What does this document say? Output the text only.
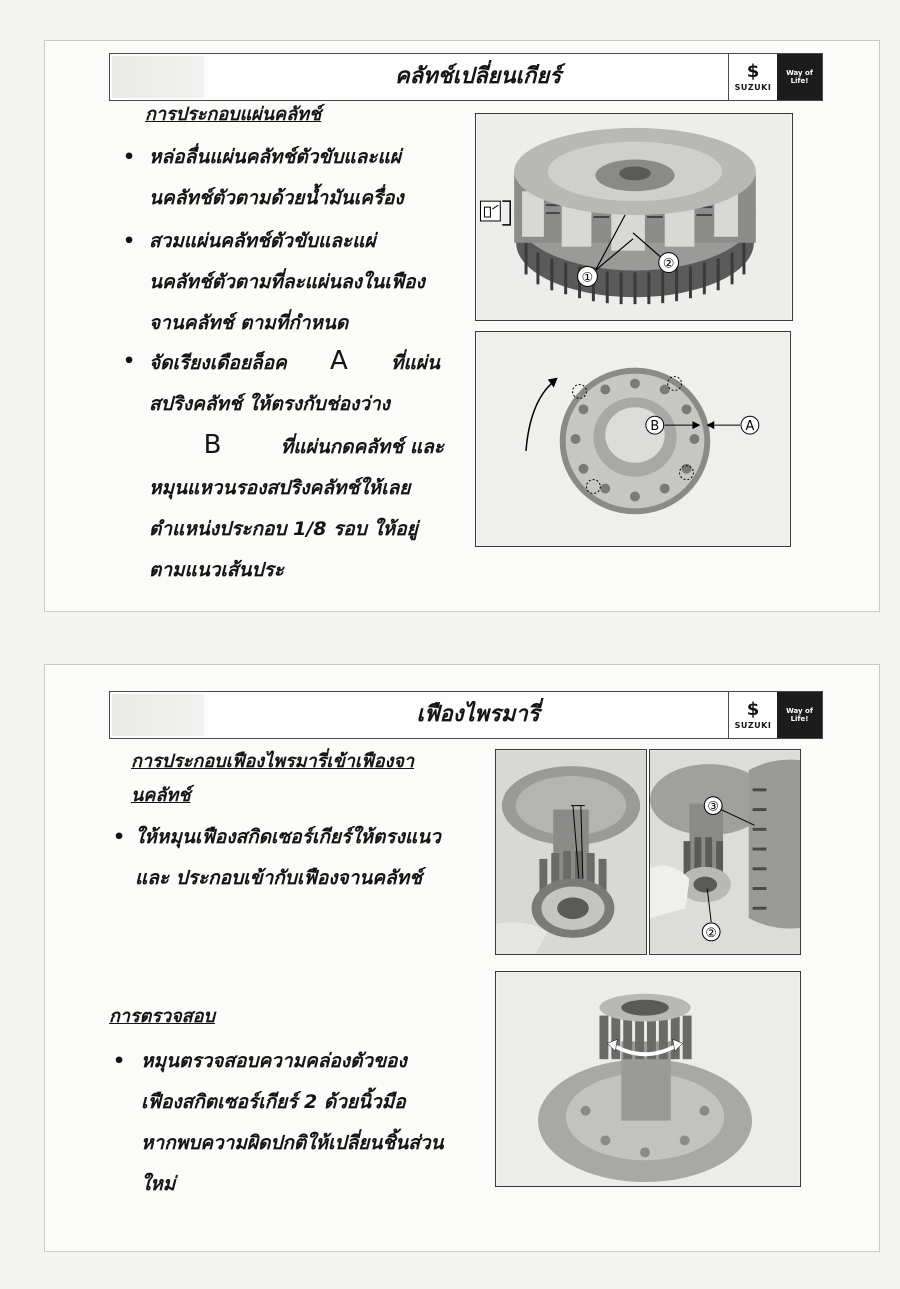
คลัทช์เปลี่ยนเกียร์	$
SUZUKI
Way of Life!
การประกอบแผ่นคลัทช์
• หล่อลื่นแผ่นคลัทช์ตัวขับและแผ่
นคลัทช์ตัวตามด้วยน้ำมันเครื่อง
• สวมแผ่นคลัทช์ตัวขับและแผ่
นคลัทช์ตัวตามที่ละแผ่นลงในเฟือง
จานคลัทช์ ตามที่กำหนด
• จัดเรียงเดือยล็อค A ที่แผ่น
สปริงคลัทช์ ให้ตรงกับช่องว่าง
B	ที่แผ่นกดคลัทช์ และ
หมุนแหวนรองสปริงคลัทช์ให้เลย
ตำแหน่งประกอบ 1/8 รอบ ให้อยู่
ตามแนวเส้นประ
①
②
B	A
เฟืองไพรมารี่	$
SUZUKI
Way of Life!
การประกอบเฟืองไพรมารี่เข้าเฟืองจา
นคลัทช์
• ให้หมุนเฟืองสกิดเซอร์เกียร์ให้ตรงแนว
และ ประกอบเข้ากับเฟืองจานคลัทช์
การตรวจสอบ
• หมุนตรวจสอบความคล่องตัวของ
เฟืองสกิตเซอร์เกียร์ 2 ด้วยนิ้วมือ
หากพบความผิดปกติให้เปลี่ยนชิ้นส่วน
ใหม่
③
②
